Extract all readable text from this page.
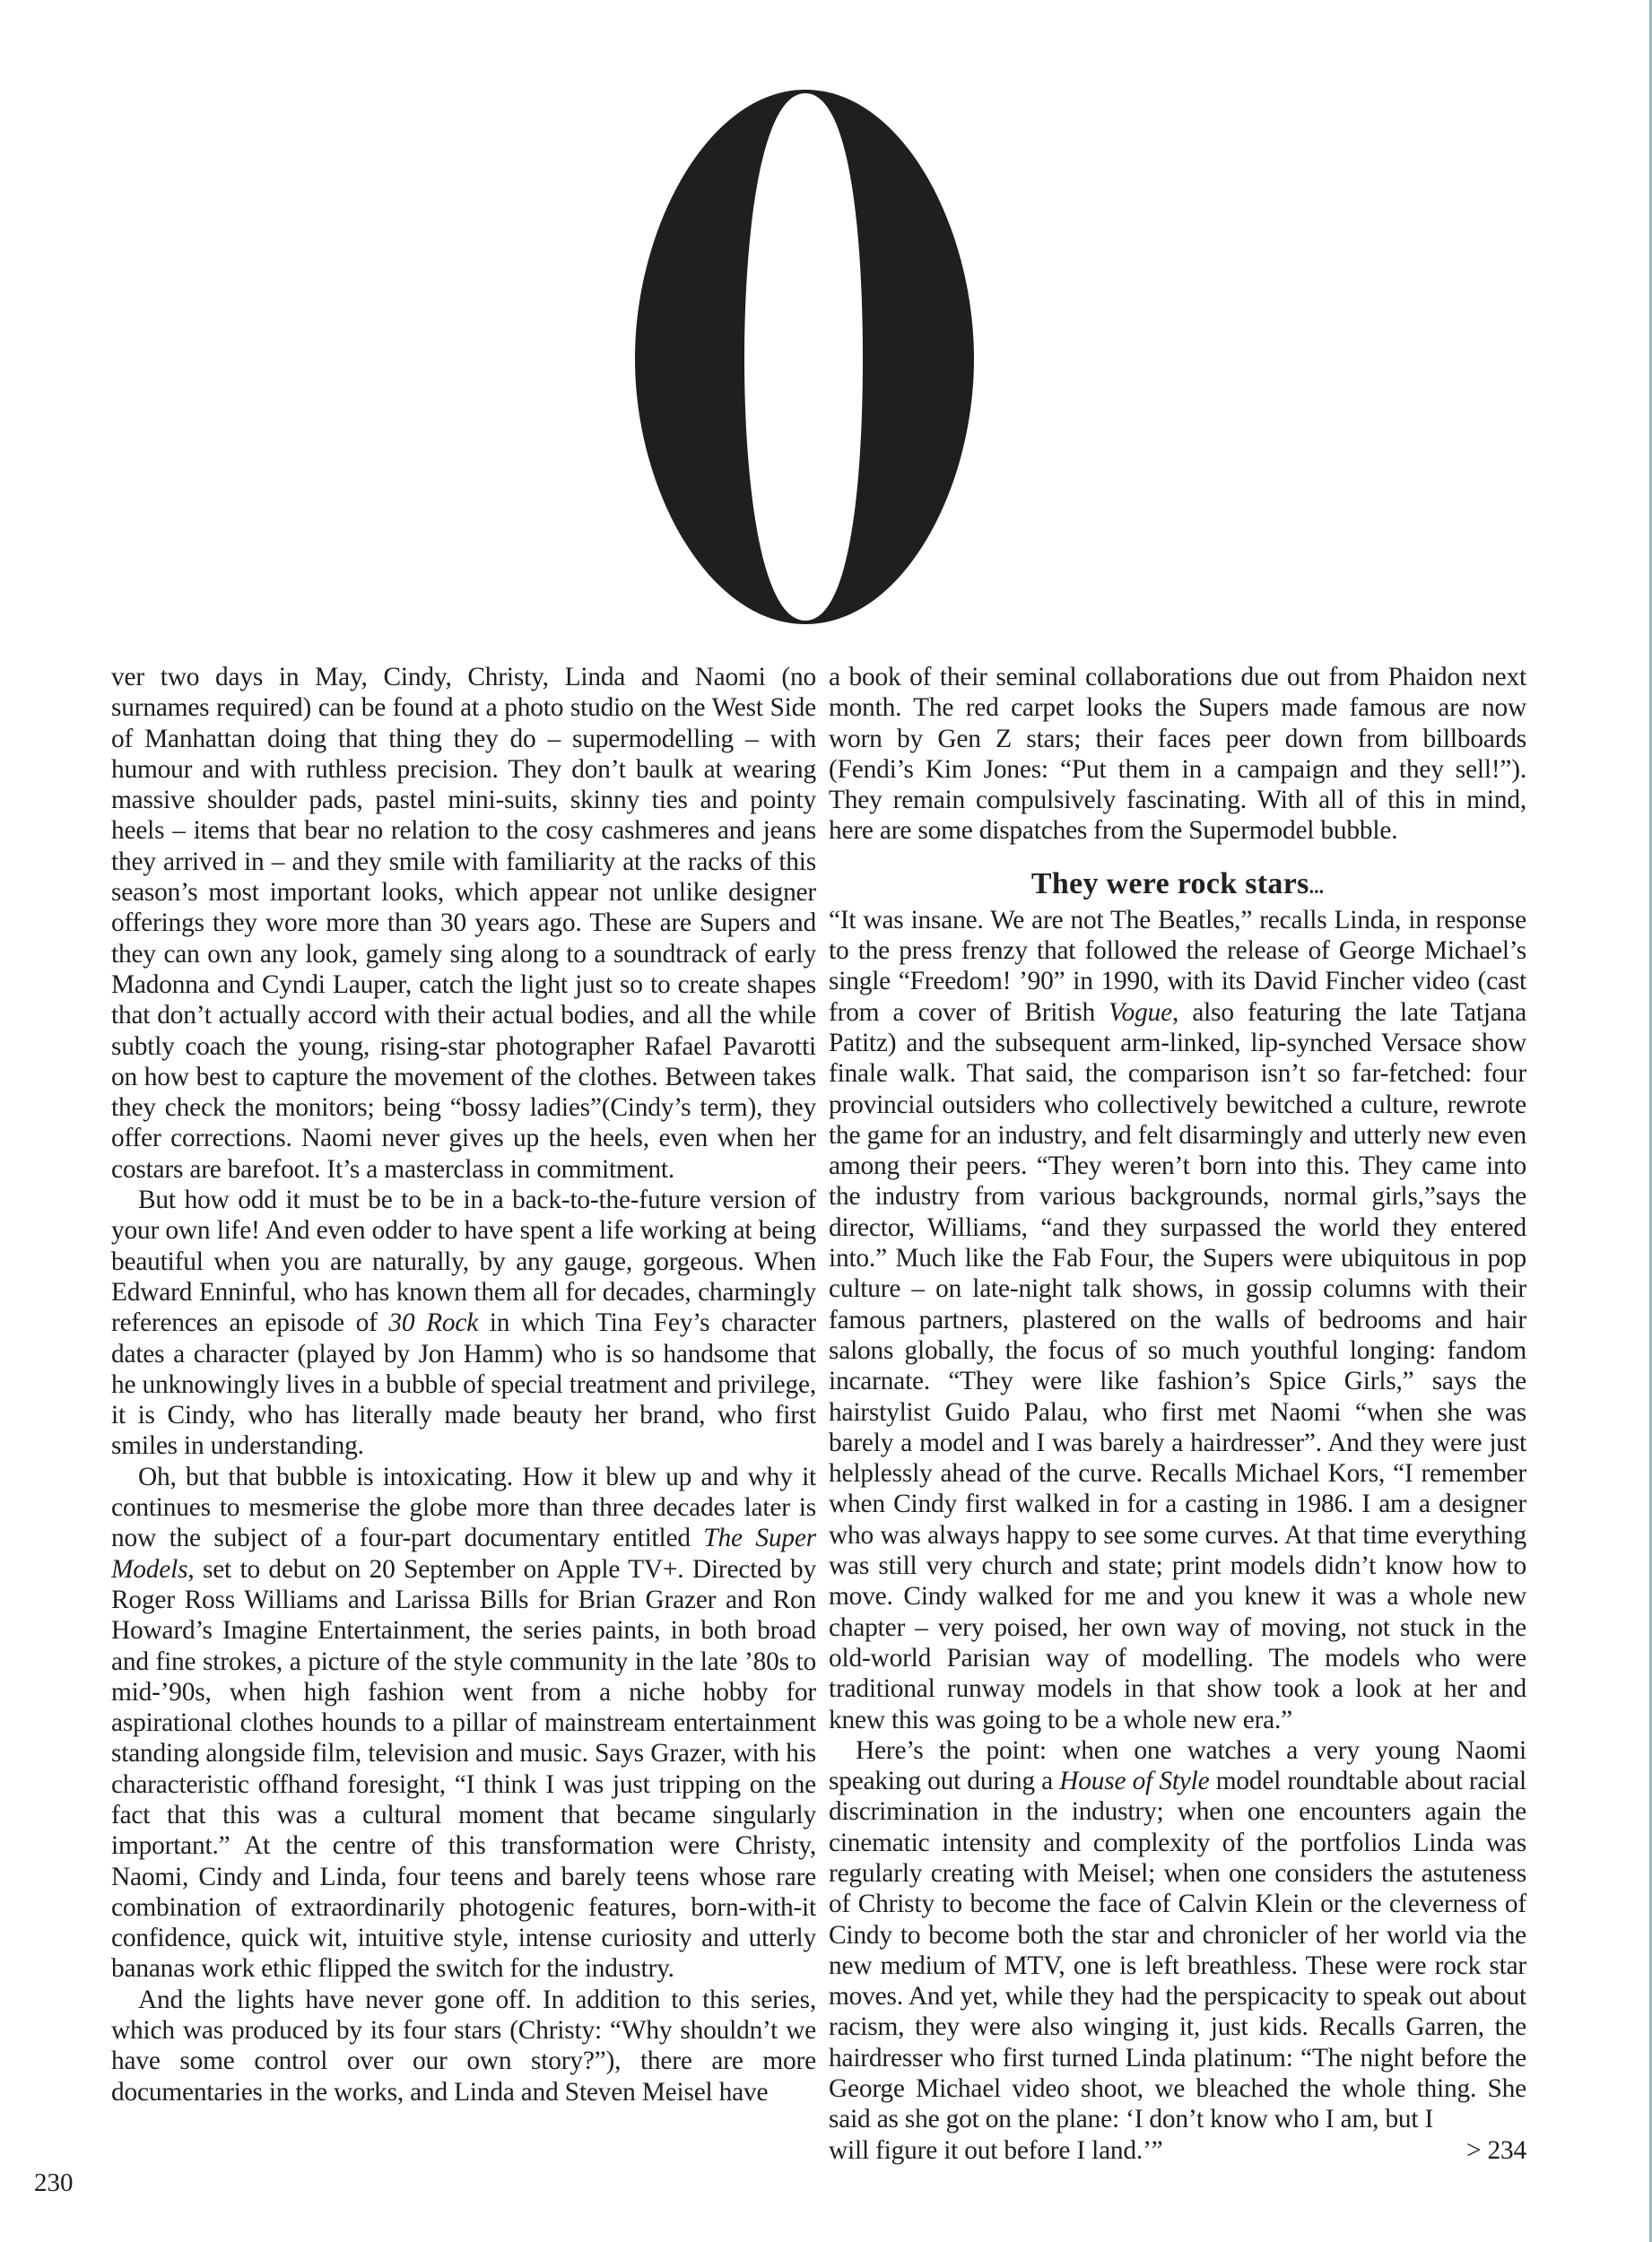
ver two days in May, Cindy, Christy, Linda and Naomi (no surnames required) can be found at a photo studio on the West Side of Manhattan doing that thing they do – supermodelling – with humour and with ruthless precision. They don’t baulk at wearing massive shoulder pads, pastel mini-suits, skinny ties and pointy heels – items that bear no relation to the cosy cashmeres and jeans they arrived in – and they smile with familiarity at the racks of this season’s most important looks, which appear not unlike designer offerings they wore more than 30 years ago. These are Supers and they can own any look, gamely sing along to a soundtrack of early Madonna and Cyndi Lauper, catch the light just so to create shapes that don’t actually accord with their actual bodies, and all the while subtly coach the young, rising-star photographer Rafael Pavarotti on how best to capture the movement of the clothes. Between takes they check the monitors; being “bossy ladies”(Cindy’s term), they offer corrections. Naomi never gives up the heels, even when her costars are barefoot. It’s a masterclass in commitment.

But how odd it must be to be in a back-to-the-future version of your own life! And even odder to have spent a life working at being beautiful when you are naturally, by any gauge, gorgeous. When Edward Enninful, who has known them all for decades, charmingly references an episode of 30 Rock in which Tina Fey’s character dates a character (played by Jon Hamm) who is so handsome that he unknowingly lives in a bubble of special treatment and privilege, it is Cindy, who has literally made beauty her brand, who first smiles in understanding.

Oh, but that bubble is intoxicating. How it blew up and why it continues to mesmerise the globe more than three decades later is now the subject of a four-part documentary entitled The Super Models, set to debut on 20 September on Apple TV+. Directed by Roger Ross Williams and Larissa Bills for Brian Grazer and Ron Howard’s Imagine Entertainment, the series paints, in both broad and fine strokes, a picture of the style community in the late ’80s to mid-’90s, when high fashion went from a niche hobby for aspirational clothes hounds to a pillar of mainstream entertainment standing alongside film, television and music. Says Grazer, with his characteristic offhand foresight, “I think I was just tripping on the fact that this was a cultural moment that became singularly important.” At the centre of this transformation were Christy, Naomi, Cindy and Linda, four teens and barely teens whose rare combination of extraordinarily photogenic features, born-with-it confidence, quick wit, intuitive style, intense curiosity and utterly bananas work ethic flipped the switch for the industry.

And the lights have never gone off. In addition to this series, which was produced by its four stars (Christy: “Why shouldn’t we have some control over our own story?”), there are more documentaries in the works, and Linda and Steven Meisel have

a book of their seminal collaborations due out from Phaidon next month. The red carpet looks the Supers made famous are now worn by Gen Z stars; their faces peer down from billboards (Fendi’s Kim Jones: “Put them in a campaign and they sell!”). They remain compulsively fascinating. With all of this in mind, here are some dispatches from the Supermodel bubble.

They were rock stars...

“It was insane. We are not The Beatles,” recalls Linda, in response to the press frenzy that followed the release of George Michael’s single “Freedom! ’90” in 1990, with its David Fincher video (cast from a cover of British Vogue, also featuring the late Tatjana Patitz) and the subsequent arm-linked, lip-synched Versace show finale walk. That said, the comparison isn’t so far-fetched: four provincial outsiders who collectively bewitched a culture, rewrote the game for an industry, and felt disarmingly and utterly new even among their peers. “They weren’t born into this. They came into the industry from various backgrounds, normal girls,”says the director, Williams, “and they surpassed the world they entered into.” Much like the Fab Four, the Supers were ubiquitous in pop culture – on late-night talk shows, in gossip columns with their famous partners, plastered on the walls of bedrooms and hair salons globally, the focus of so much youthful longing: fandom incarnate. “They were like fashion’s Spice Girls,” says the hairstylist Guido Palau, who first met Naomi “when she was barely a model and I was barely a hairdresser”. And they were just helplessly ahead of the curve. Recalls Michael Kors, “I remember when Cindy first walked in for a casting in 1986. I am a designer who was always happy to see some curves. At that time everything was still very church and state; print models didn’t know how to move. Cindy walked for me and you knew it was a whole new chapter – very poised, her own way of moving, not stuck in the old-world Parisian way of modelling. The models who were traditional runway models in that show took a look at her and knew this was going to be a whole new era.”

Here’s the point: when one watches a very young Naomi speaking out during a House of Style model roundtable about racial discrimination in the industry; when one encounters again the cinematic intensity and complexity of the portfolios Linda was regularly creating with Meisel; when one considers the astuteness of Christy to become the face of Calvin Klein or the cleverness of Cindy to become both the star and chronicler of her world via the new medium of MTV, one is left breathless. These were rock star moves. And yet, while they had the perspicacity to speak out about racism, they were also winging it, just kids. Recalls Garren, the hairdresser who first turned Linda platinum: “The night before the George Michael video shoot, we bleached the whole thing. She said as she got on the plane: ‘I don’t know who I am, but I

will figure it out before I land.’”	> 234
230
